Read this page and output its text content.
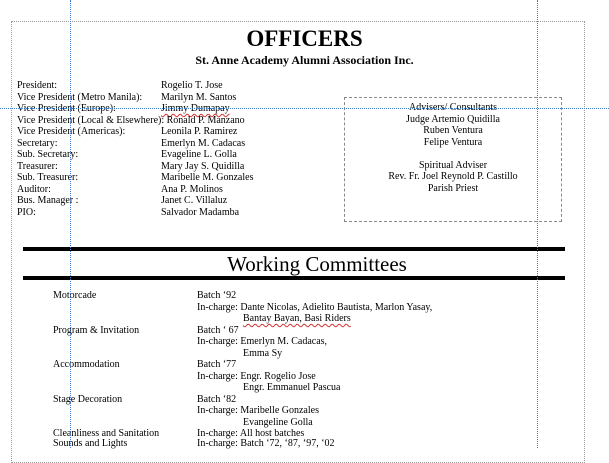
OFFICERS
St. Anne Academy Alumni Association Inc.
President:	Rogelio T. Jose
Vice President (Metro Manila): Marilyn M. Santos
Vice President (Europe):	Jimmy Dumapay
Vice President (Local & Elsewhere): Ronald P. Manzano
Vice President (Americas):	Leonila P. Ramirez
Secretary:	Emerlyn M. Cadacas
Sub. Secretary:	Evageline L. Golla
Treasurer:	Mary Jay S. Quidilla
Sub. Treasurer:	Maribelle M. Gonzales
Auditor:	Ana P. Molinos
Bus. Manager :	Janet C. Villaluz
PIO:	Salvador Madamba
Advisers/ Consultants
Judge Artemio Quidilla
Ruben Ventura
Felipe Ventura
Spiritual Adviser
Rev. Fr. Joel Reynold P. Castillo
Parish Priest
Working Committees
Motorcade	Batch ‘92
In-charge: Dante Nicolas, Adielito Bautista, Marlon Yasay,
Bantay Bayan, Basi Riders
Program & Invitation	Batch ‘ 67
In-charge: Emerlyn M. Cadacas,
Emma Sy
Accommodation	Batch ‘77
In-charge: Engr. Rogelio Jose
Engr. Emmanuel Pascua
Stage Decoration	Batch ‘82
In-charge: Maribelle Gonzales
Evangeline Golla
Cleanliness and Sanitation	In-charge: All host batches
Sounds and Lights	In-charge: Batch ‘72, ‘87, ‘97, ‘02
